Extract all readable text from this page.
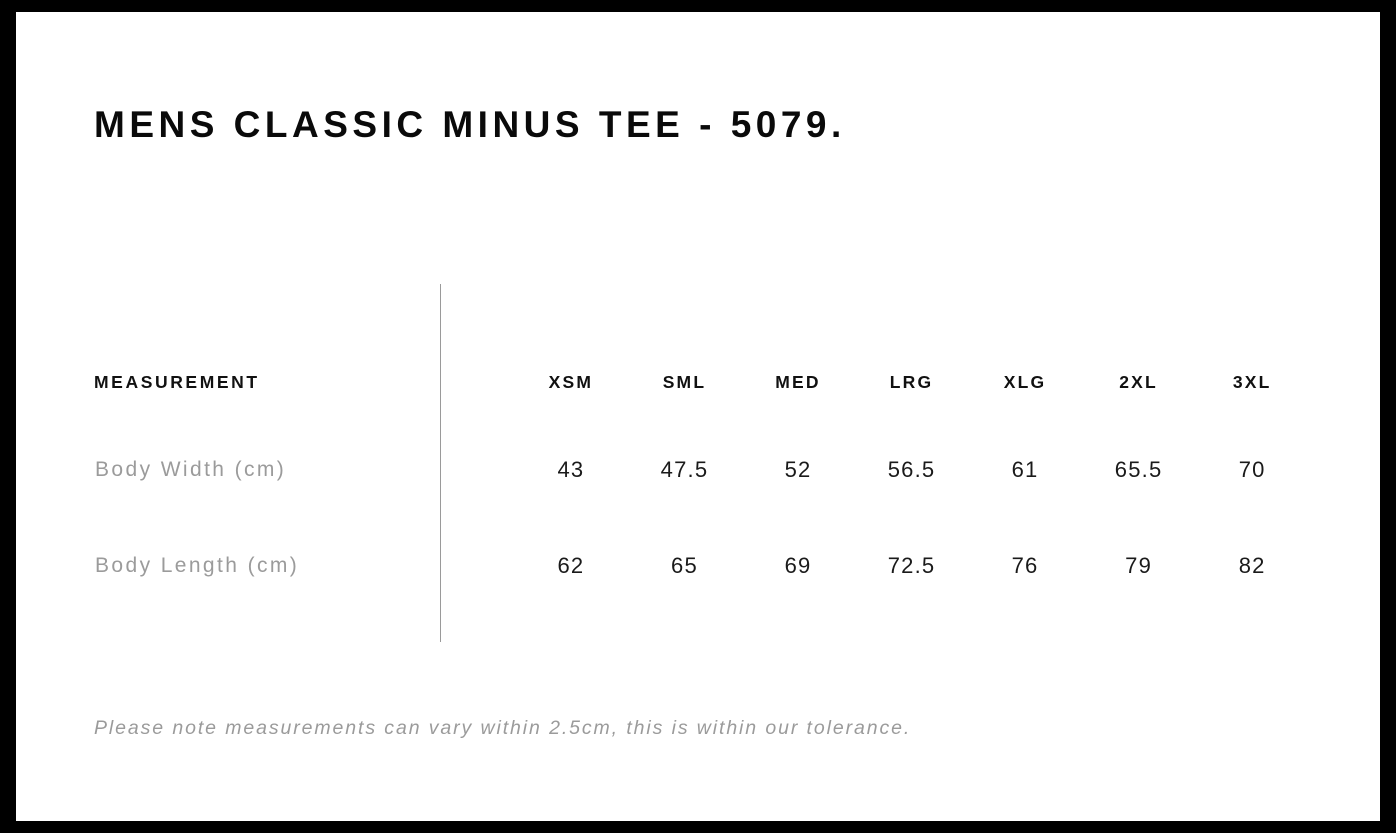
MENS CLASSIC MINUS TEE - 5079.
MEASUREMENT	XSM	SML	MED	LRG	XLG	2XL	3XL
Body Width (cm)	43	47.5	52	56.5	61	65.5	70
Body Length (cm)	62	65	69	72.5	76	79	82
Please note measurements can vary within 2.5cm, this is within our tolerance.
